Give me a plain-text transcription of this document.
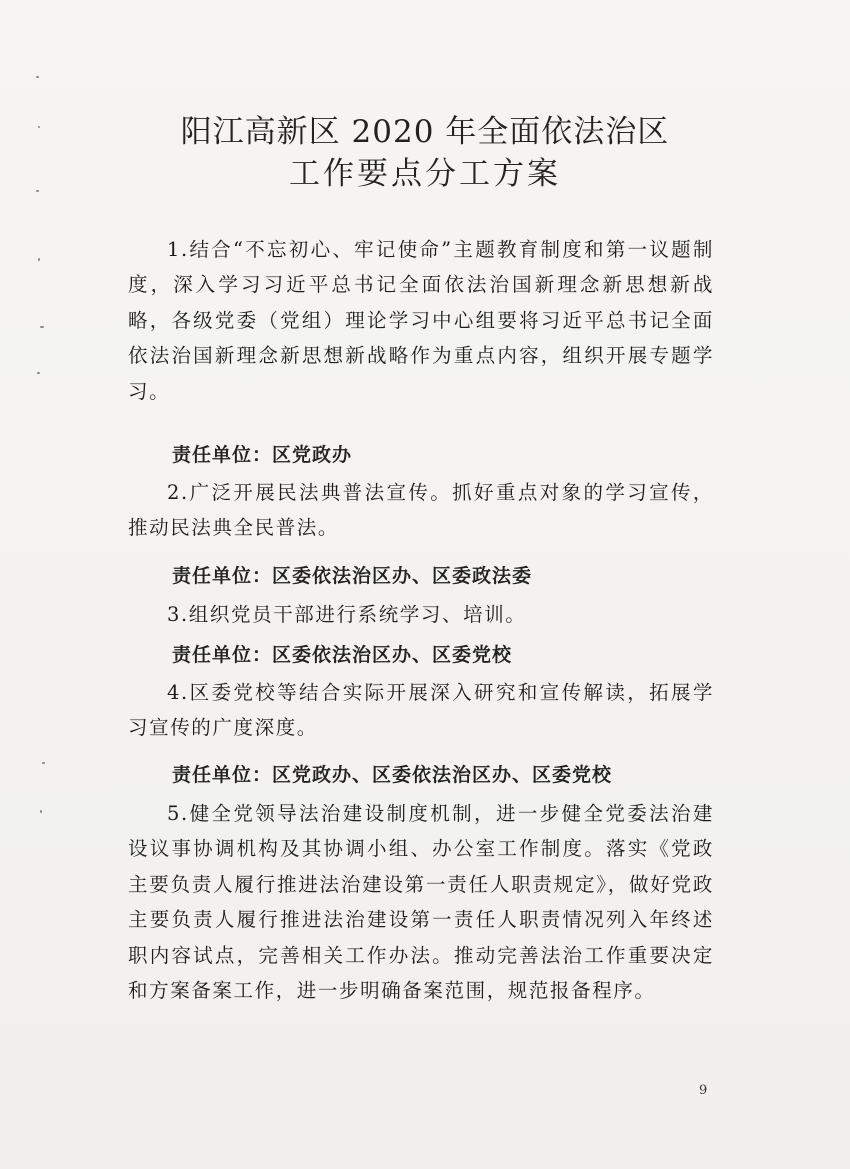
阳江高新区 2020 年全面依法治区
工作要点分工方案
1.结合“不忘初心、牢记使命”主题教育制度和第一议题制度，深入学习习近平总书记全面依法治国新理念新思想新战略，各级党委（党组）理论学习中心组要将习近平总书记全面依法治国新理念新思想新战略作为重点内容，组织开展专题学习。
责任单位：区党政办
2.广泛开展民法典普法宣传。抓好重点对象的学习宣传，推动民法典全民普法。
责任单位：区委依法治区办、区委政法委
3.组织党员干部进行系统学习、培训。
责任单位：区委依法治区办、区委党校
4.区委党校等结合实际开展深入研究和宣传解读，拓展学习宣传的广度深度。
责任单位：区党政办、区委依法治区办、区委党校
5.健全党领导法治建设制度机制，进一步健全党委法治建设议事协调机构及其协调小组、办公室工作制度。落实《党政主要负责人履行推进法治建设第一责任人职责规定》，做好党政主要负责人履行推进法治建设第一责任人职责情况列入年终述职内容试点，完善相关工作办法。推动完善法治工作重要决定和方案备案工作，进一步明确备案范围，规范报备程序。
9
